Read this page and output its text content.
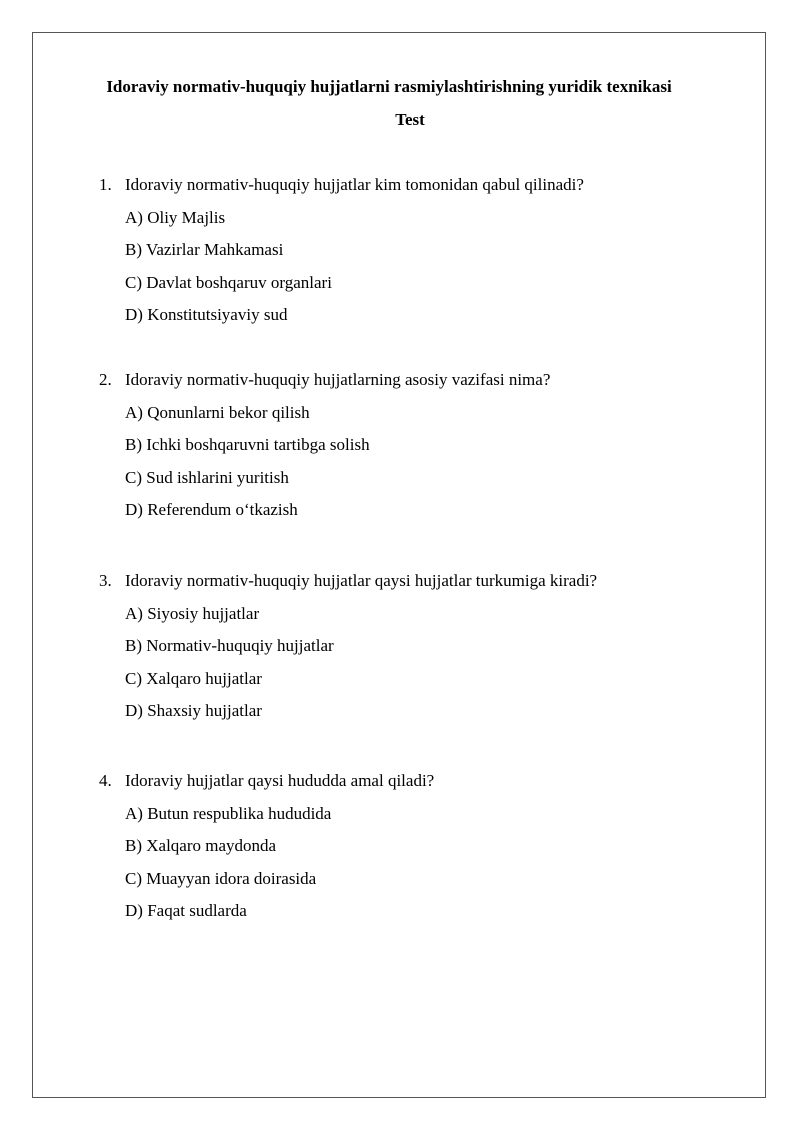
Idoraviy normativ-huquqiy hujjatlarni rasmiylashtirishning yuridik texnikasi
Test
1. Idoraviy normativ-huquqiy hujjatlar kim tomonidan qabul qilinadi?
A) Oliy Majlis
B) Vazirlar Mahkamasi
C) Davlat boshqaruv organlari
D) Konstitutsiyaviy sud
2. Idoraviy normativ-huquqiy hujjatlarning asosiy vazifasi nima?
A) Qonunlarni bekor qilish
B) Ichki boshqaruvni tartibga solish
C) Sud ishlarini yuritish
D) Referendum o‘tkazish
3. Idoraviy normativ-huquqiy hujjatlar qaysi hujjatlar turkumiga kiradi?
A) Siyosiy hujjatlar
B) Normativ-huquqiy hujjatlar
C) Xalqaro hujjatlar
D) Shaxsiy hujjatlar
4. Idoraviy hujjatlar qaysi hududda amal qiladi?
A) Butun respublika hududida
B) Xalqaro maydonda
C) Muayyan idora doirasida
D) Faqat sudlarda
